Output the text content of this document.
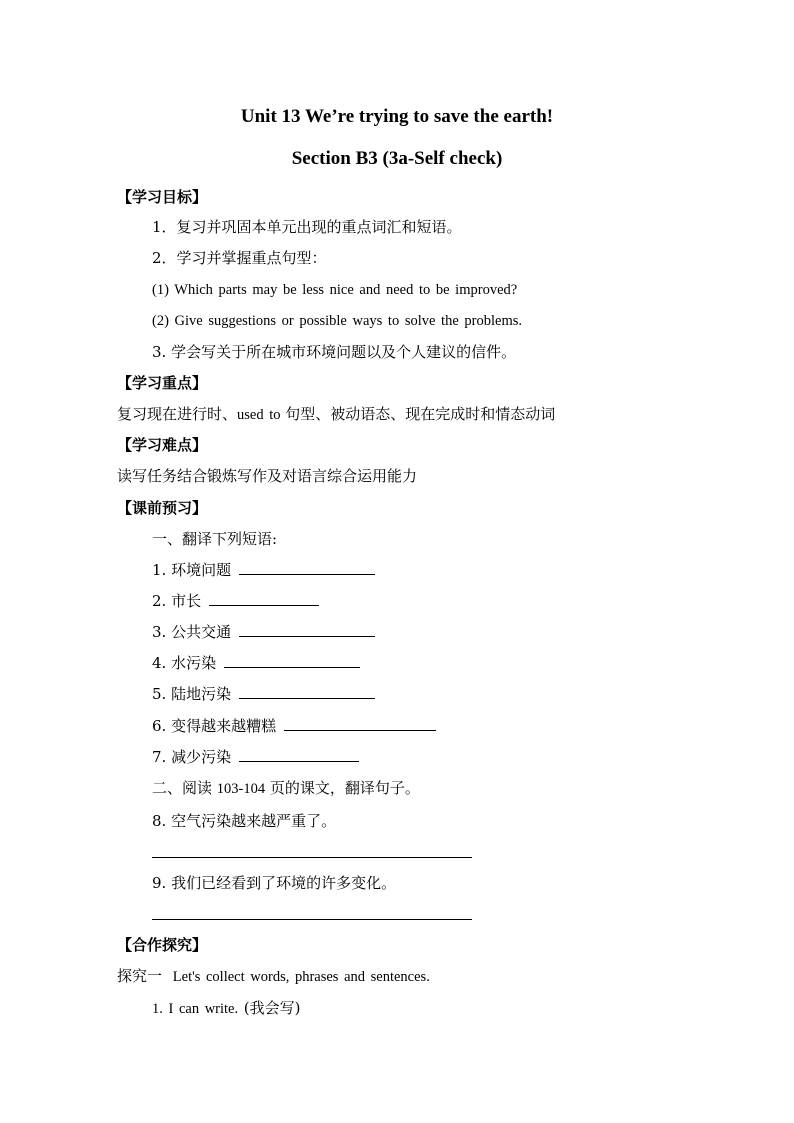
Unit 13 We’re trying to save the earth!
Section B3 (3a-Self check)
【学习目标】
1．复习并巩固本单元出现的重点词汇和短语。
2．学习并掌握重点句型：
(1) Which parts may be less nice and need to be improved?
(2) Give suggestions or possible ways to solve the problems.
3. 学会写关于所在城市环境问题以及个人建议的信件。
【学习重点】
复习现在进行时、used to 句型、被动语态、现在完成时和情态动词
【学习难点】
读写任务结合锻炼写作及对语言综合运用能力
【课前预习】
一、翻译下列短语:
1. 环境问题
2. 市长
3. 公共交通
4. 水污染
5. 陆地污染
6. 变得越来越糟糕
7. 减少污染
二、阅读 103-104 页的课文，翻译句子。
8. 空气污染越来越严重了。
9. 我们已经看到了环境的许多变化。
【合作探究】
探究一 Let's collect words, phrases and sentences.
1. I can write. (我会写)
